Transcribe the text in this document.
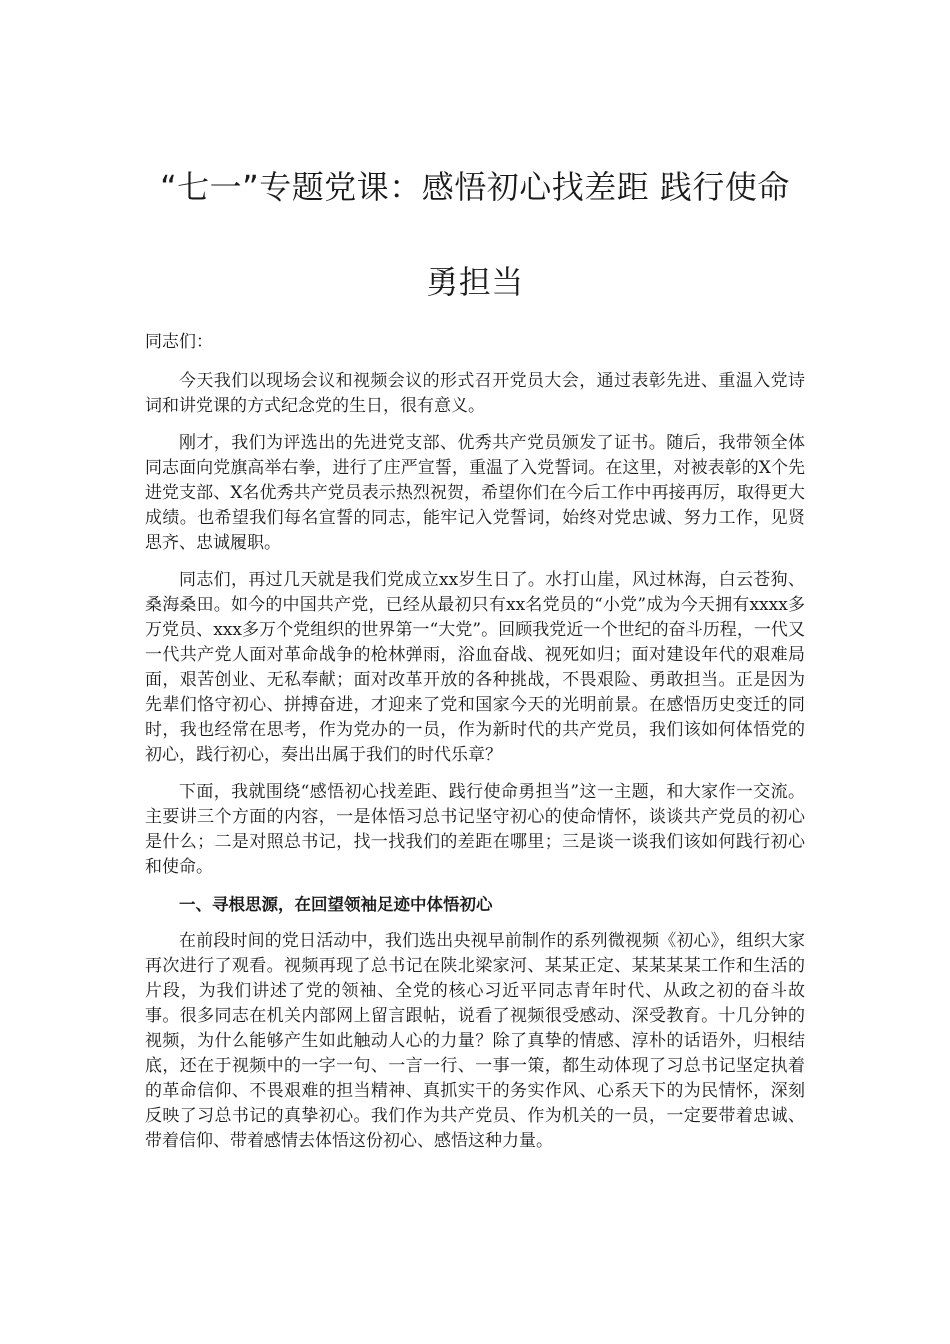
“七一”专题党课：感悟初心找差距 践行使命勇担当

同志们：

今天我们以现场会议和视频会议的形式召开党员大会，通过表彰先进、重温入党诗词和讲党课的方式纪念党的生日，很有意义。

刚才，我们为评选出的先进党支部、优秀共产党员颁发了证书。随后，我带领全体同志面向党旗高举右拳，进行了庄严宣誓，重温了入党誓词。在这里，对被表彰的X个先进党支部、X名优秀共产党员表示热烈祝贺，希望你们在今后工作中再接再厉，取得更大成绩。也希望我们每名宣誓的同志，能牢记入党誓词，始终对党忠诚、努力工作，见贤思齐、忠诚履职。

同志们，再过几天就是我们党成立xx岁生日了。水打山崖，风过林海，白云苍狗、桑海桑田。如今的中国共产党，已经从最初只有xx名党员的“小党”成为今天拥有xxxx多万党员、xxx多万个党组织的世界第一“大党”。回顾我党近一个世纪的奋斗历程，一代又一代共产党人面对革命战争的枪林弹雨，浴血奋战、视死如归；面对建设年代的艰难局面，艰苦创业、无私奉献；面对改革开放的各种挑战，不畏艰险、勇敢担当。正是因为先辈们恪守初心、拼搏奋进，才迎来了党和国家今天的光明前景。在感悟历史变迁的同时，我也经常在思考，作为党办的一员，作为新时代的共产党员，我们该如何体悟党的初心，践行初心，奏出出属于我们的时代乐章？

下面，我就围绕“感悟初心找差距、践行使命勇担当”这一主题，和大家作一交流。主要讲三个方面的内容，一是体悟习总书记坚守初心的使命情怀，谈谈共产党员的初心是什么；二是对照总书记，找一找我们的差距在哪里；三是谈一谈我们该如何践行初心和使命。

一、寻根思源，在回望领袖足迹中体悟初心

在前段时间的党日活动中，我们选出央视早前制作的系列微视频《初心》，组织大家再次进行了观看。视频再现了总书记在陕北梁家河、某某正定、某某某某工作和生活的片段，为我们讲述了党的领袖、全党的核心习近平同志青年时代、从政之初的奋斗故事。很多同志在机关内部网上留言跟帖，说看了视频很受感动、深受教育。十几分钟的视频，为什么能够产生如此触动人心的力量？除了真挚的情感、淳朴的话语外，归根结底，还在于视频中的一字一句、一言一行、一事一策，都生动体现了习总书记坚定执着的革命信仰、不畏艰难的担当精神、真抓实干的务实作风、心系天下的为民情怀，深刻反映了习总书记的真挚初心。我们作为共产党员、作为机关的一员，一定要带着忠诚、带着信仰、带着感情去体悟这份初心、感悟这种力量。
